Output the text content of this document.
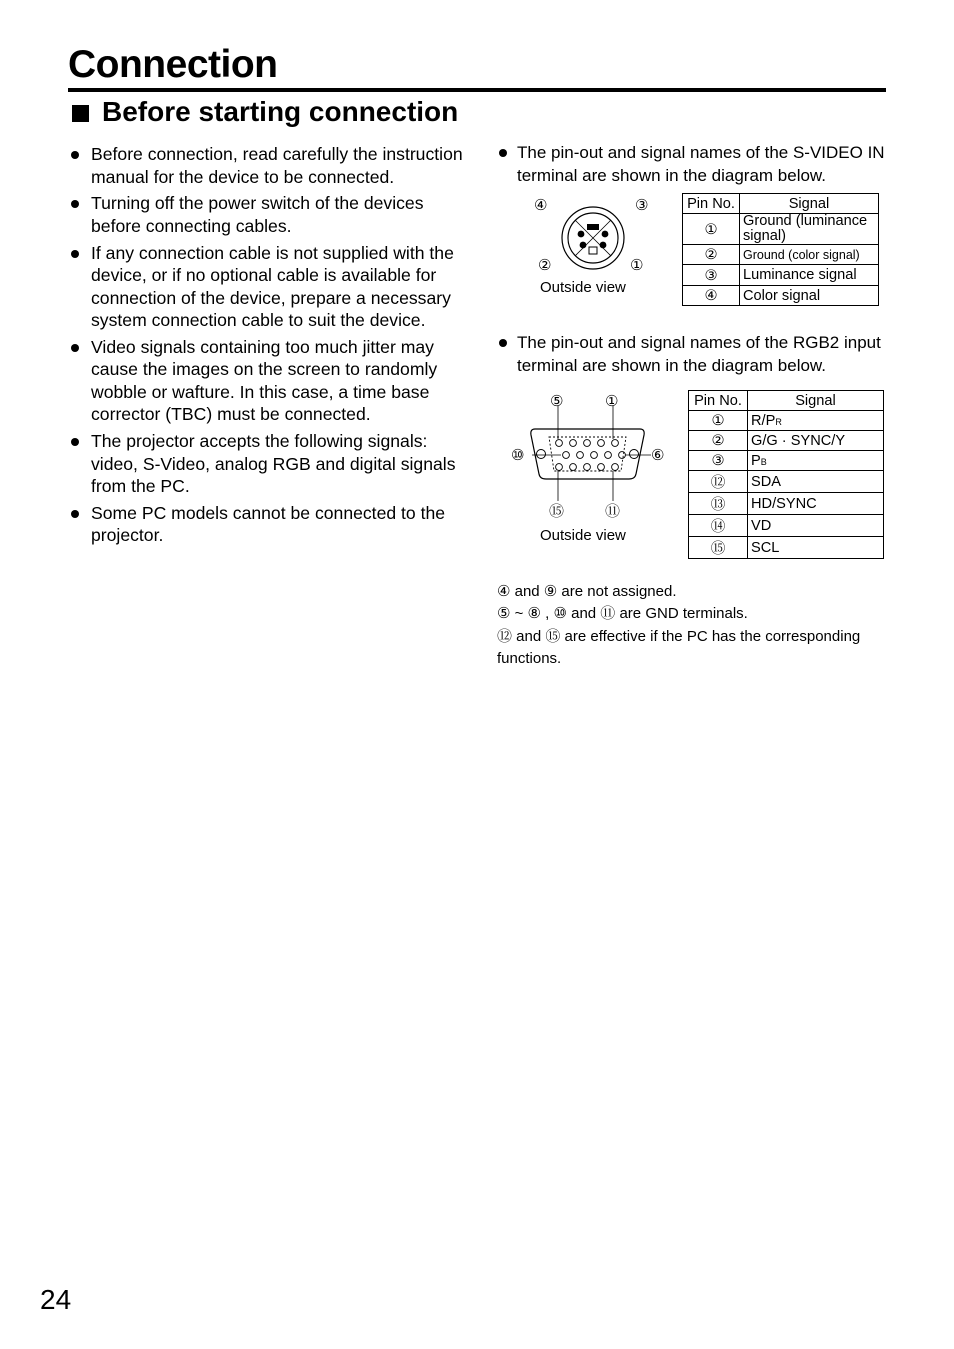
Connection
Before starting connection
Before connection, read carefully the instruction
manual for the device to be connected.
Turning off the power switch of the devices
before connecting cables.
If any connection cable is not supplied with the
device, or if no optional cable is available for
connection of the device, prepare a necessary
system connection cable to suit the device.
Video signals containing too much jitter may
cause the images on the screen to randomly
wobble or wafture. In this case, a time base
corrector (TBC) must be connected.
The projector accepts the following signals:
video, S-Video, analog RGB and digital signals
from the PC.
Some PC models cannot be connected to the
projector.
The pin-out and signal names of the S-VIDEO IN
terminal are shown in the diagram below.
④	③
②	①
Outside view
Pin No.	Signal
①	Ground (luminance signal)
②	Ground (color signal)
③	Luminance signal
④	Color signal
The pin-out and signal names of the RGB2 input
terminal are shown in the diagram below.
⑤	①
⑩	⑥
⑮	⑪
Outside view
Pin No.	Signal
①	R/PR
②	G/G · SYNC/Y
③	PB
⑫	SDA
⑬	HD/SYNC
⑭	VD
⑮	SCL
④ and ⑨ are not assigned.
⑤ ~ ⑧ , ⑩ and ⑪ are GND terminals.
⑫ and ⑮ are effective if the PC has the corresponding
functions.
24
